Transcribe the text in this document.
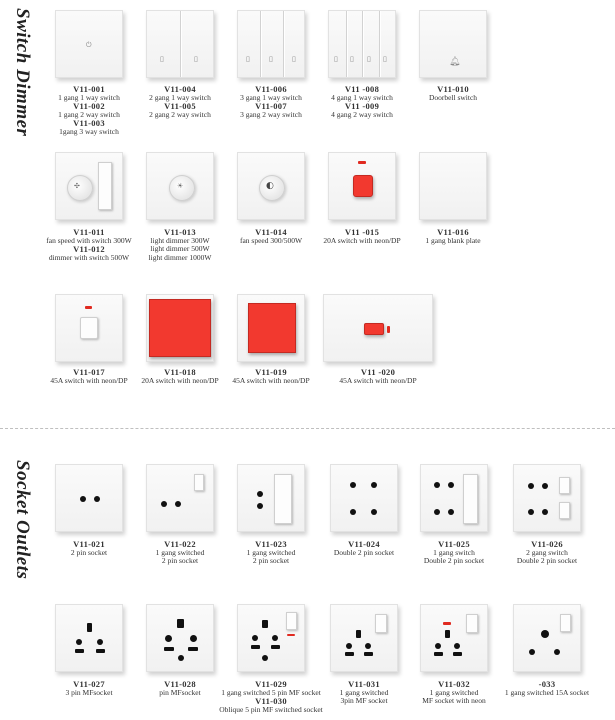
Switch Dimmer
Socket Outlets
⏻
V11-001
1 gang 1 way switch
V11-002
1 gang 2 way switch
V11-003
1gang 3 way switch
▯	▯
V11-004
2 gang 1 way switch
V11-005
2 gang 2 way switch
▯	▯	▯
V11-006
3 gang 1 way switch
V11-007
3 gang 2 way switch
▯ ▯ ▯ ▯
V11 -008
4 gang 1 way switch
V11 -009
4 gang 2 way switch
🔔︎
V11-010
Doorbell switch
✣
V11-011
fan speed with switch 300W
V11-012
dimmer with switch 500W
☀
V11-013
light dimmer 300W
light dimmer 500W
light dimmer 1000W
◐
V11-014
fan speed 300/500W
V11 -015
20A switch with neon/DP
V11-016
1 gang blank plate
V11-017
45A switch with neon/DP
V11-018
20A switch with neon/DP
V11-019
45A switch with neon/DP
V11 -020
45A switch with neon/DP
V11-021
2 pin socket
V11-022
1 gang switched
2 pin socket
V11-023
1 gang switched
2 pin socket
V11-024
Double 2 pin socket
V11-025
1 gang switch
Double 2 pin socket
V11-026
2 gang switch
Double 2 pin socket
V11-027
3 pin MFsocket
V11-028
pin MFsocket
V11-029
1 gang switched 5 pin MF socket
V11-030
Oblique 5 pin MF switched socket
V11-031
1 gang switched
3pin MF socket
V11-032
1 gang switched
MF socket with neon
-033
1 gang switched 15A socket
